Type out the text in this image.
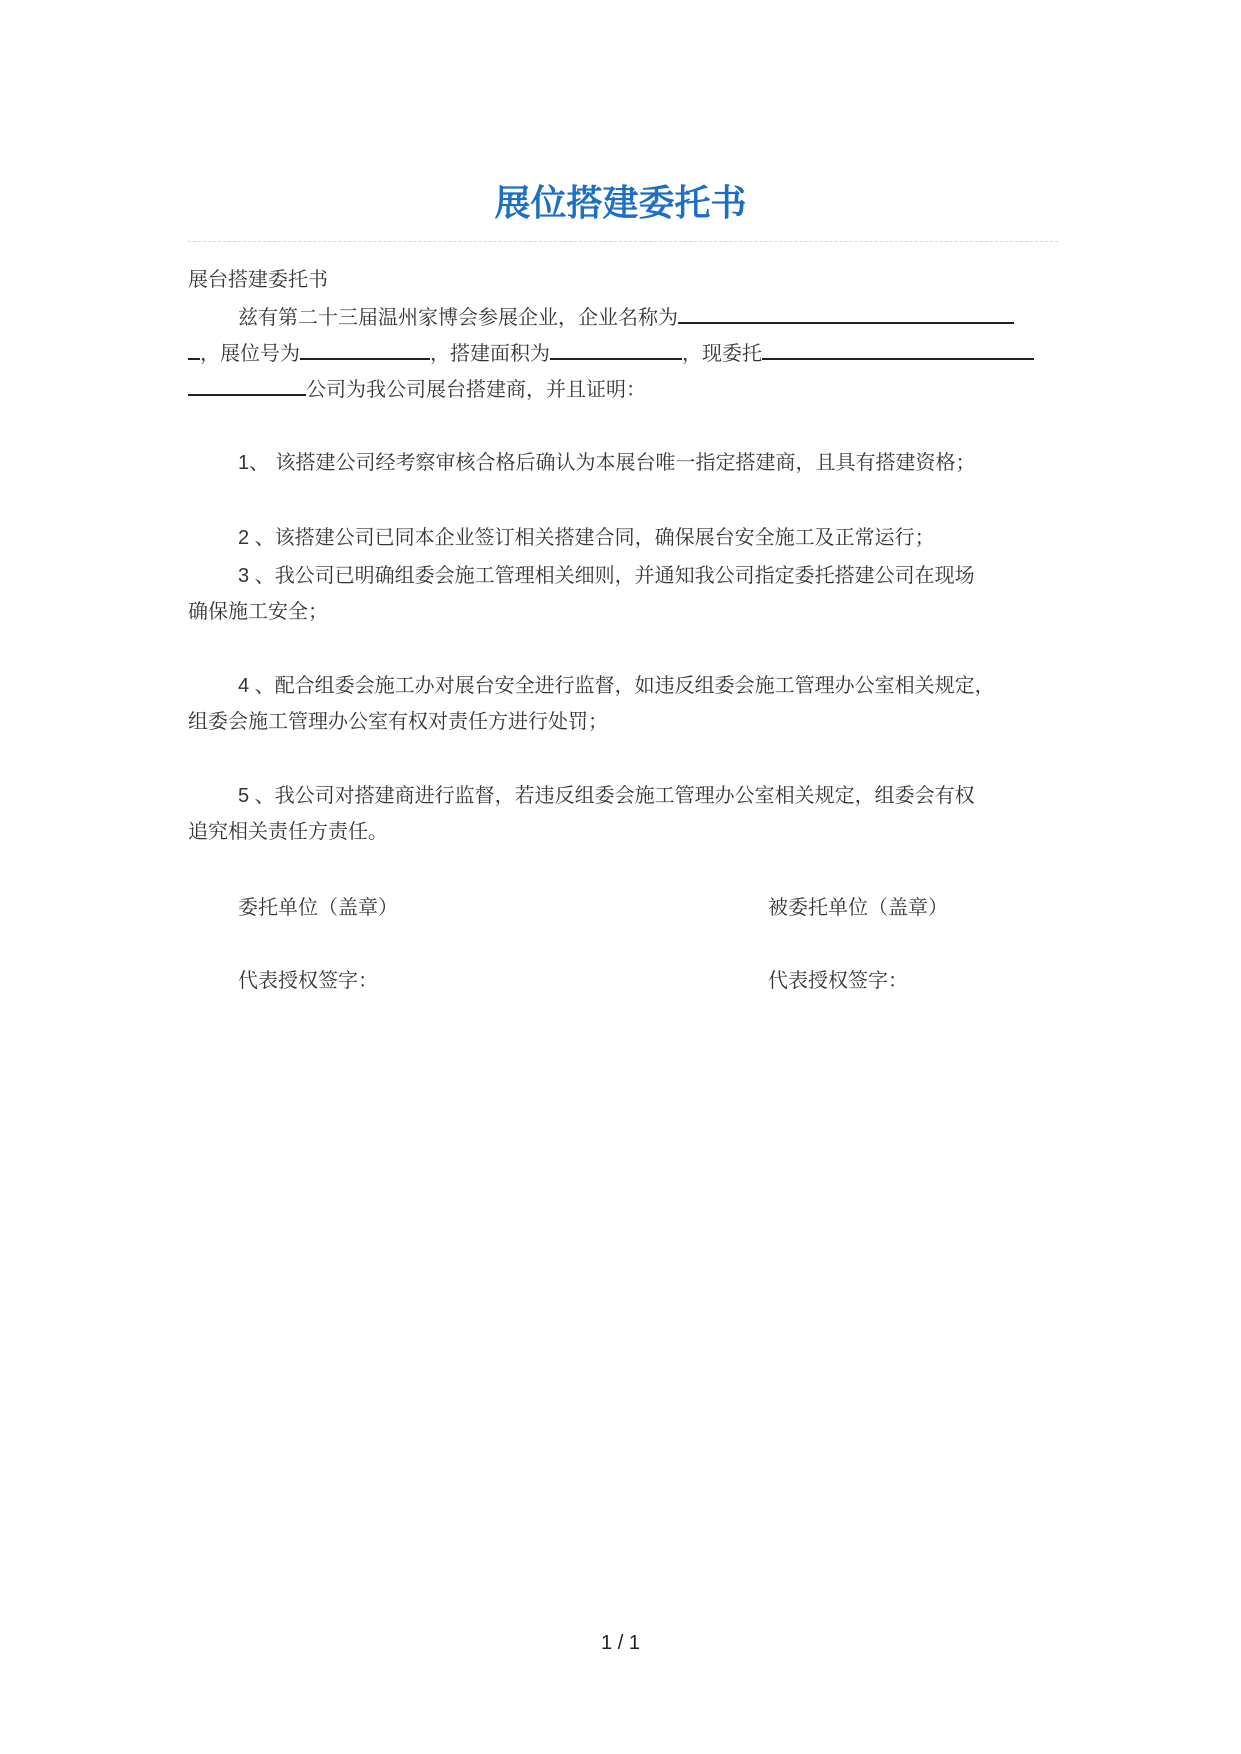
展位搭建委托书
展台搭建委托书
兹有第二十三届温州家博会参展企业，企业名称为
，展位号为	，搭建面积为	，现委托
公司为我公司展台搭建商，并且证明：
1、 该搭建公司经考察审核合格后确认为本展台唯一指定搭建商，且具有搭建资格；
2 、该搭建公司已同本企业签订相关搭建合同，确保展台安全施工及正常运行；
3 、我公司已明确组委会施工管理相关细则，并通知我公司指定委托搭建公司在现场
确保施工安全；
4 、配合组委会施工办对展台安全进行监督，如违反组委会施工管理办公室相关规定，
组委会施工管理办公室有权对责任方进行处罚；
5 、我公司对搭建商进行监督，若违反组委会施工管理办公室相关规定，组委会有权
追究相关责任方责任。
委托单位（盖章）	被委托单位（盖章）
代表授权签字：	代表授权签字：
1 / 1
